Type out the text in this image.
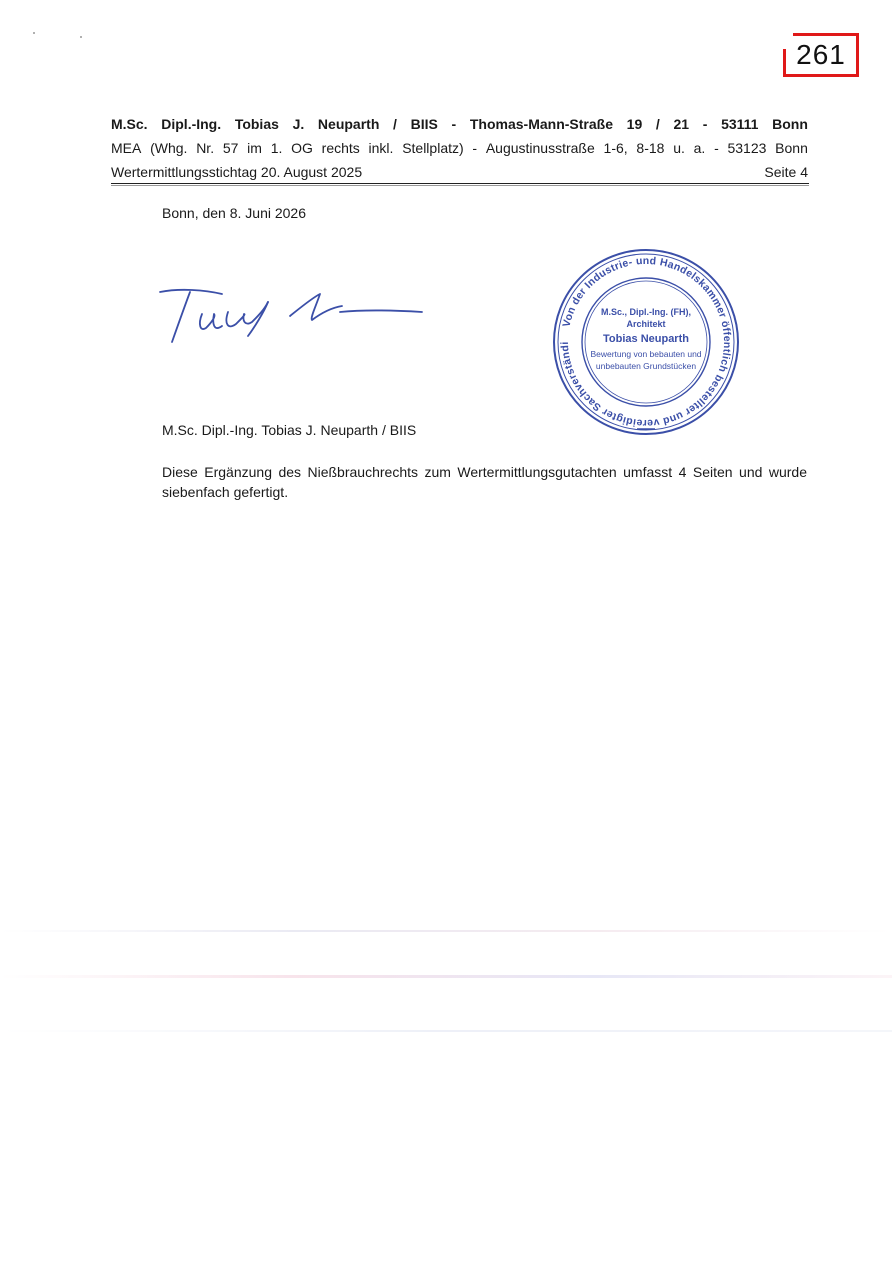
261
M.Sc. Dipl.-Ing. Tobias J. Neuparth / BIIS - Thomas-Mann-Straße 19 / 21 - 53111 Bonn
MEA (Whg. Nr. 57 im 1. OG rechts inkl. Stellplatz) - Augustinusstraße 1-6, 8-18 u. a. - 53123 Bonn
Wertermittlungsstichtag 20. August 2025	Seite 4
Bonn, den 8. Juni 2026
Von der Industrie- und Handelskammer öffentlich bestellter und vereidigter Sachverständi
M.Sc., Dipl.-Ing. (FH),
Architekt
Tobias Neuparth
Bewertung von bebauten und
unbebauten Grundstücken
M.Sc. Dipl.-Ing. Tobias J. Neuparth / BIIS
Diese Ergänzung des Nießbrauchrechts zum Wertermittlungsgutachten umfasst 4 Seiten und wurde siebenfach gefertigt.
